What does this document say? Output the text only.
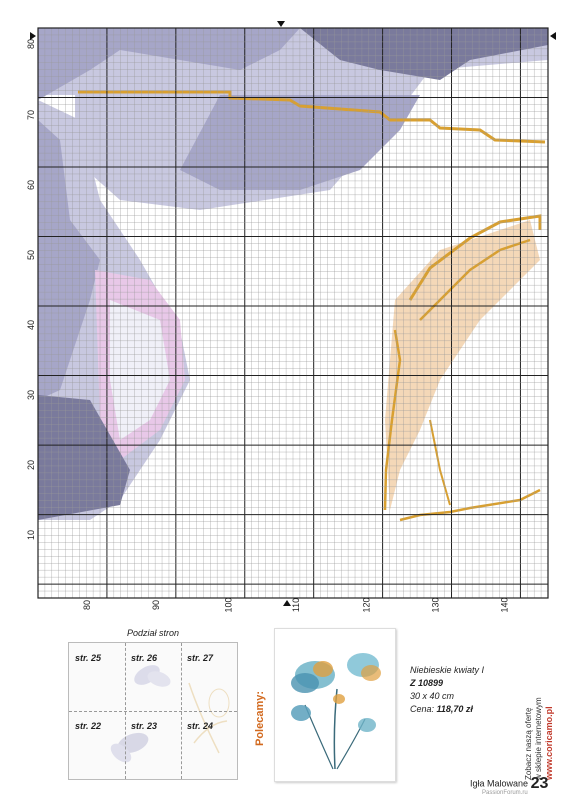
80
70
60
50
40
30
20
10
80	90	100	110	120	130	140
Podział stron
str. 25	str. 26	str. 27
str. 22	str. 23	str. 24	Polecamy:
Niebieskie kwiaty I
Z 10899
30 x 40 cm
Cena: 118,70 zł	Zobacz naszą ofertę w sklepie internetowym www.coricamo.pl
Igła Malowane 23
PassionForum.ru
